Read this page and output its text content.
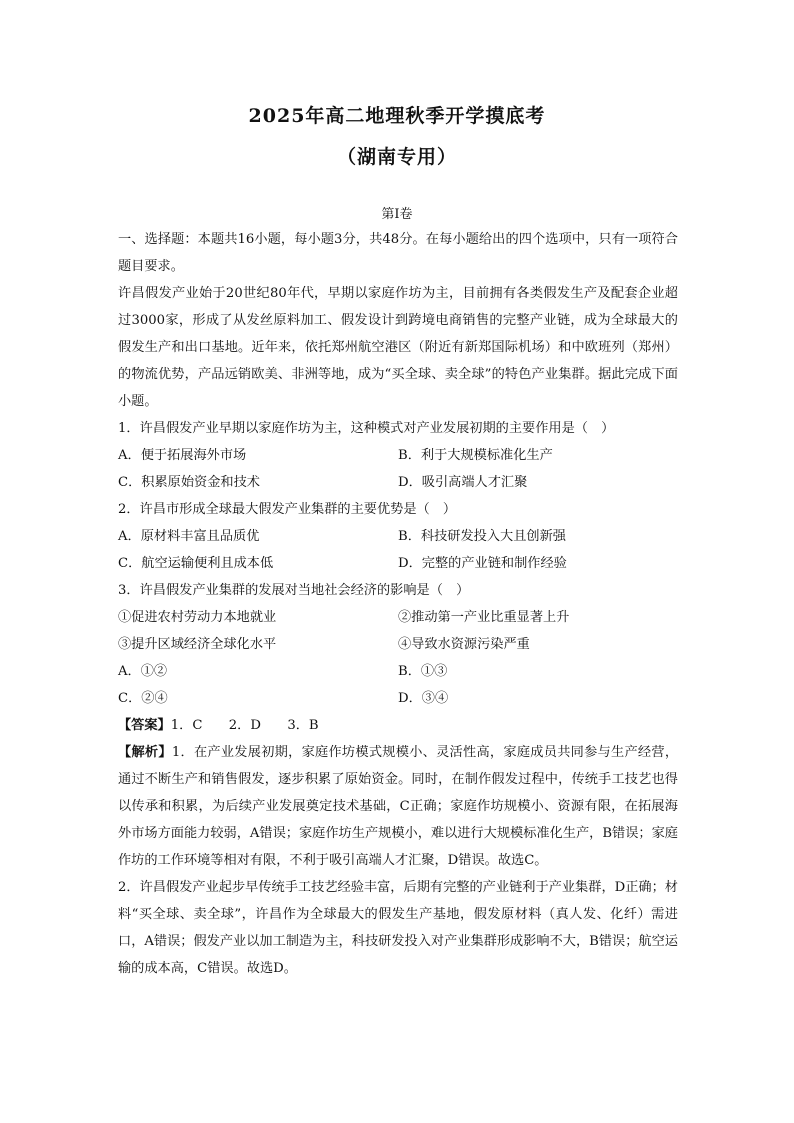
2025年高二地理秋季开学摸底考
（湖南专用）
第Ⅰ卷

一、选择题：本题共16小题，每小题3分，共48分。在每小题给出的四个选项中，只有一项符合题目要求。

许昌假发产业始于20世纪80年代，早期以家庭作坊为主，目前拥有各类假发生产及配套企业超过3000家，形成了从发丝原料加工、假发设计到跨境电商销售的完整产业链，成为全球最大的假发生产和出口基地。近年来，依托郑州航空港区（附近有新郑国际机场）和中欧班列（郑州）的物流优势，产品远销欧美、非洲等地，成为“买全球、卖全球”的特色产业集群。据此完成下面小题。

1．许昌假发产业早期以家庭作坊为主，这种模式对产业发展初期的主要作用是（　）
A．便于拓展海外市场	B．利于大规模标准化生产
C．积累原始资金和技术	D．吸引高端人才汇聚
2．许昌市形成全球最大假发产业集群的主要优势是（　）
A．原材料丰富且品质优	B．科技研发投入大且创新强
C．航空运输便利且成本低	D．完整的产业链和制作经验
3．许昌假发产业集群的发展对当地社会经济的影响是（　）
①促进农村劳动力本地就业	②推动第一产业比重显著上升
③提升区域经济全球化水平	④导致水资源污染严重
A．①②	B．①③
C．②④	D．③④
【答案】 1．C　　2．D　　3．B

【解析】1．在产业发展初期，家庭作坊模式规模小、灵活性高，家庭成员共同参与生产经营，通过不断生产和销售假发，逐步积累了原始资金。同时，在制作假发过程中，传统手工技艺也得以传承和积累，为后续产业发展奠定技术基础，C正确；家庭作坊规模小、资源有限，在拓展海外市场方面能力较弱，A错误；家庭作坊生产规模小，难以进行大规模标准化生产，B错误；家庭作坊的工作环境等相对有限，不利于吸引高端人才汇聚，D错误。故选C。

2．许昌假发产业起步早传统手工技艺经验丰富，后期有完整的产业链利于产业集群，D正确；材料“买全球、卖全球”，许昌作为全球最大的假发生产基地，假发原材料（真人发、化纤）需进口，A错误；假发产业以加工制造为主，科技研发投入对产业集群形成影响不大，B错误；航空运输的成本高，C错误。故选D。
